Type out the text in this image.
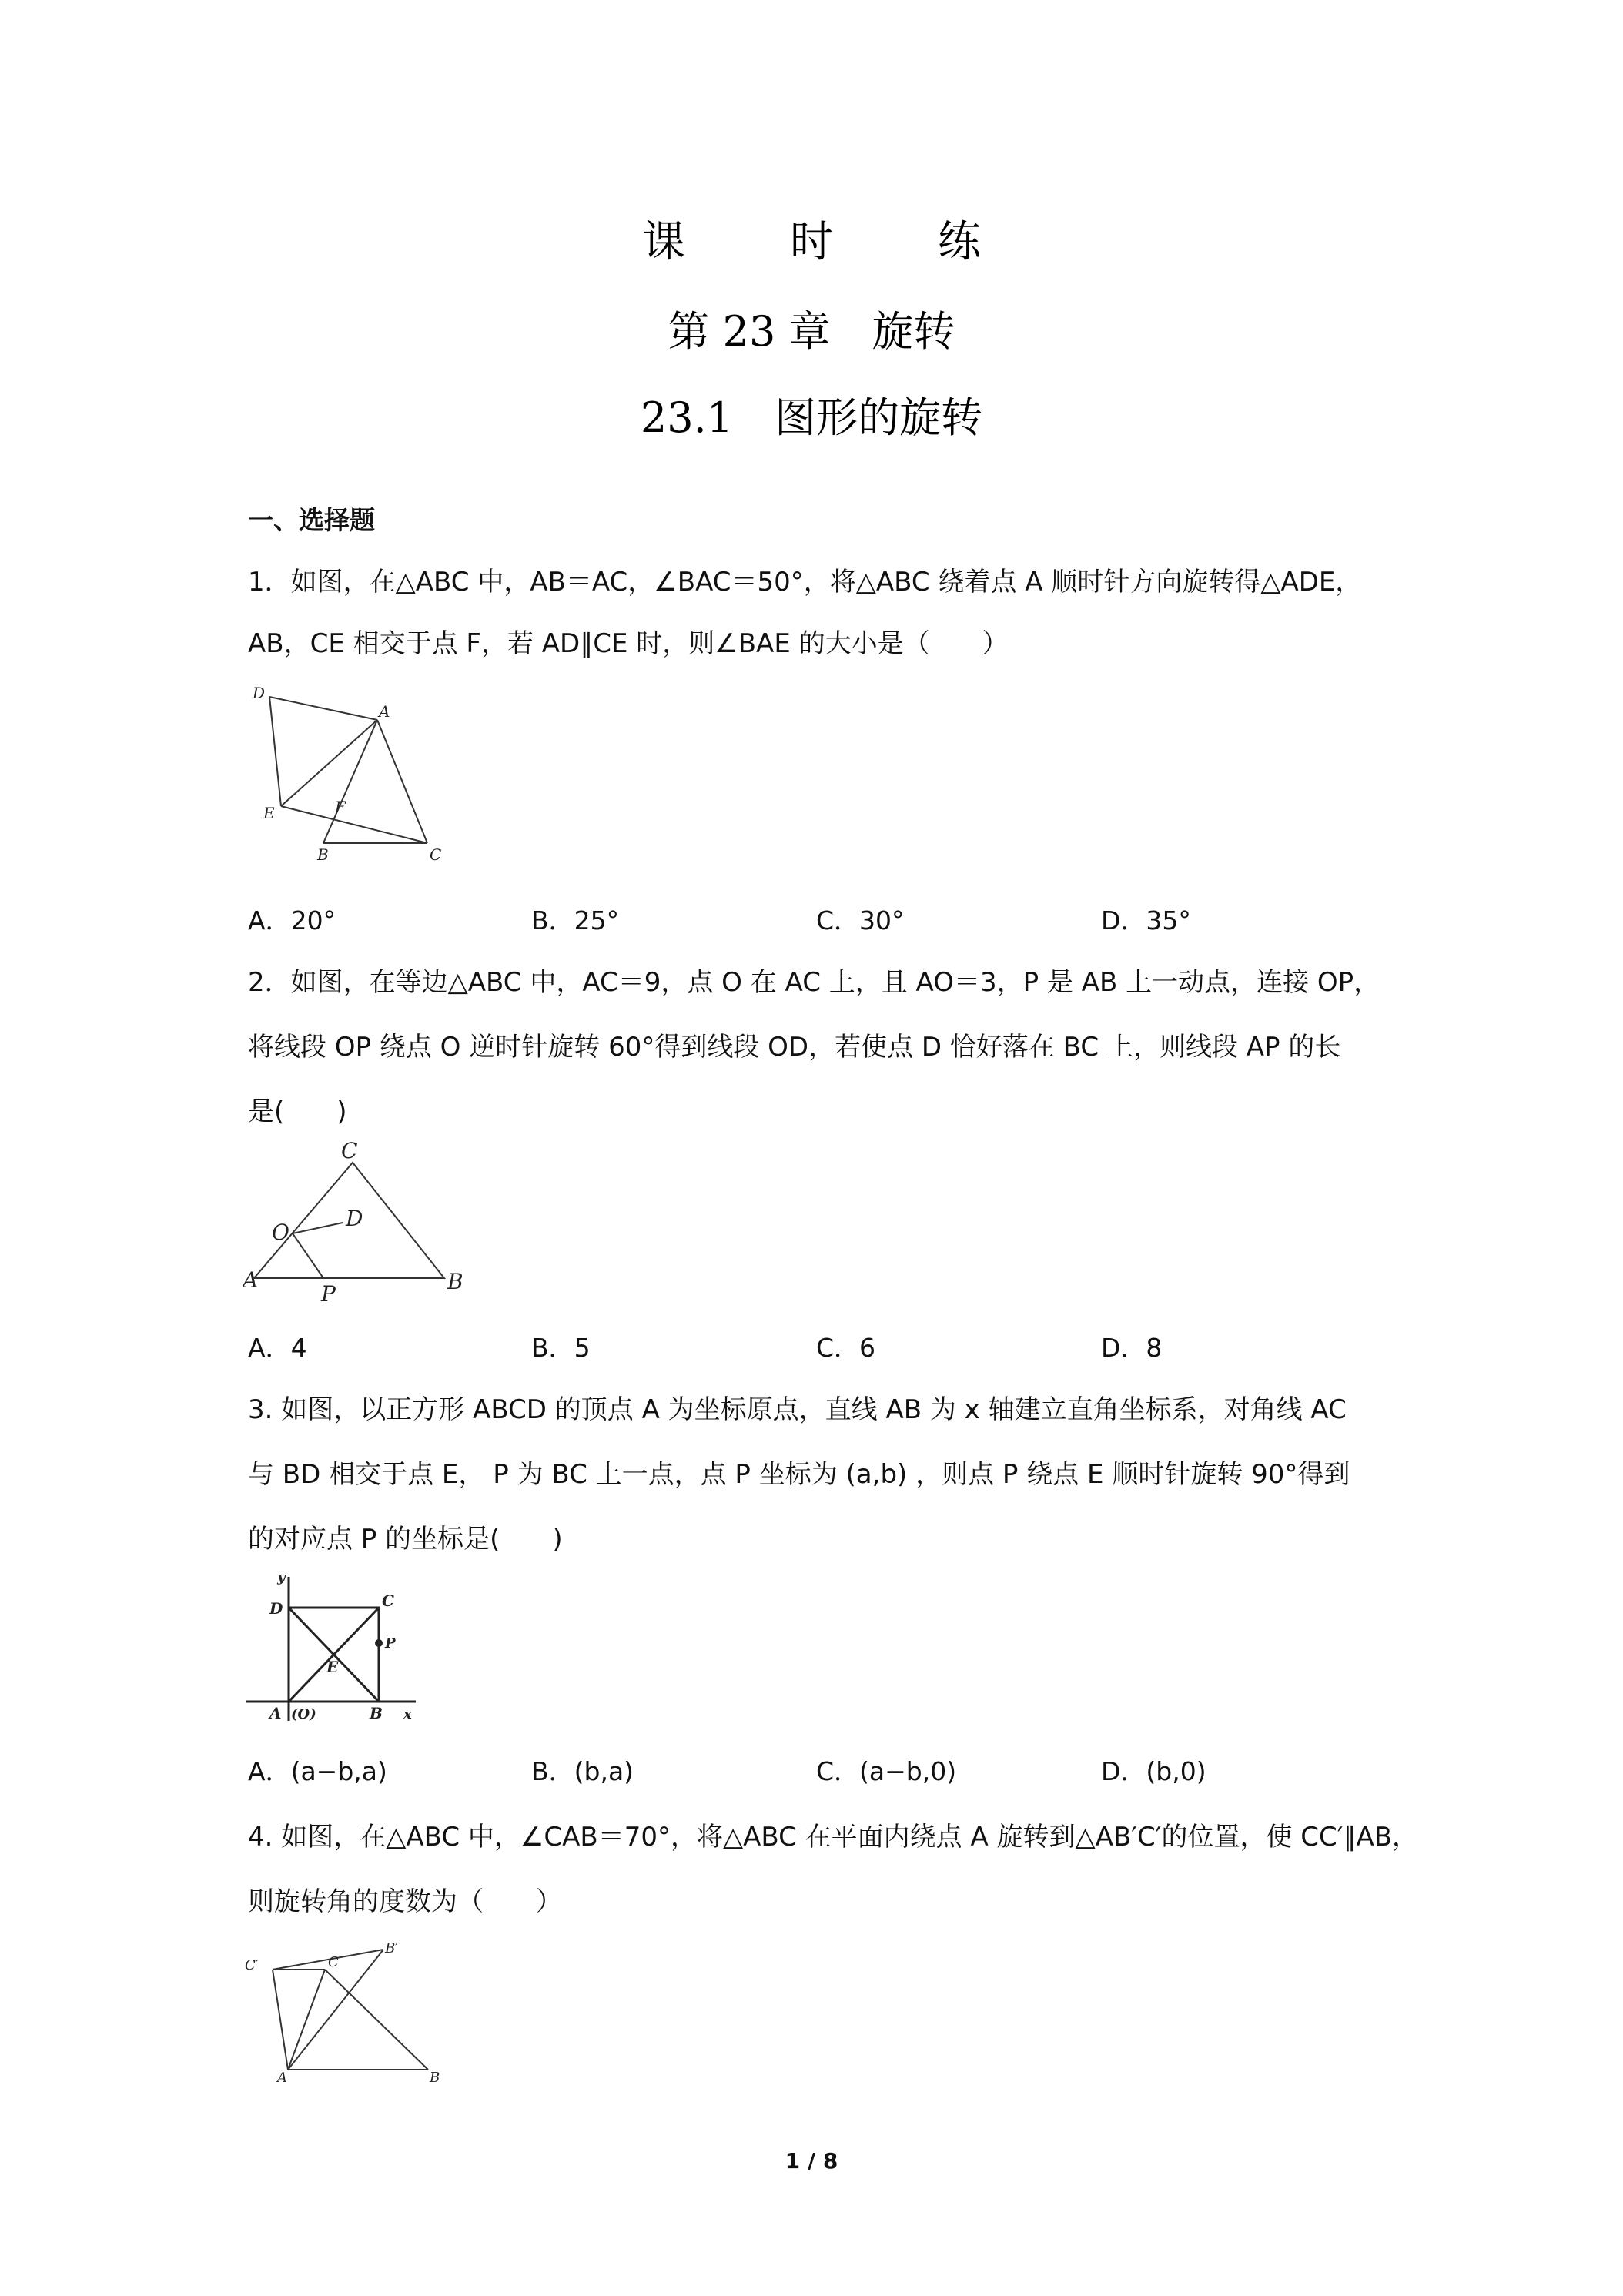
课　时　练
第 23 章　旋转
23.1　图形的旋转
一、选择题
1．如图，在△ABC 中，AB＝AC，∠BAC＝50°，将△ABC 绕着点 A 顺时针方向旋转得△ADE，
AB，CE 相交于点 F，若 AD∥CE 时，则∠BAE 的大小是（　　）
D
A
E	F
B	C
A．20°	B．25°	C．30°	D．35°
2．如图，在等边△ABC 中，AC＝9，点 O 在 AC 上，且 AO＝3，P 是 AB 上一动点，连接 OP，
将线段 OP 绕点 O 逆时针旋转 60°得到线段 OD，若使点 D 恰好落在 BC 上，则线段 AP 的长
是(　　)
C
O
D
A
P	B
A．4	B．5	C．6	D．8
3. 如图，以正方形 ABCD 的顶点 A 为坐标原点，直线 AB 为 x 轴建立直角坐标系，对角线 AC
与 BD 相交于点 E， P 为 BC 上一点，点 P 坐标为 (a,b) ，则点 P 绕点 E 顺时针旋转 90°得到
的对应点 P 的坐标是(　　)
y
D	C
P
E
A (O)	B x
A．(a−b,a)	B．(b,a)	C．(a−b,0)	D．(b,0)
4. 如图，在△ABC 中，∠CAB＝70°，将△ABC 在平面内绕点 A 旋转到△AB′C′的位置，使 CC′∥AB，
则旋转角的度数为（　　）
C′	C
B′
A	B
1 / 8
